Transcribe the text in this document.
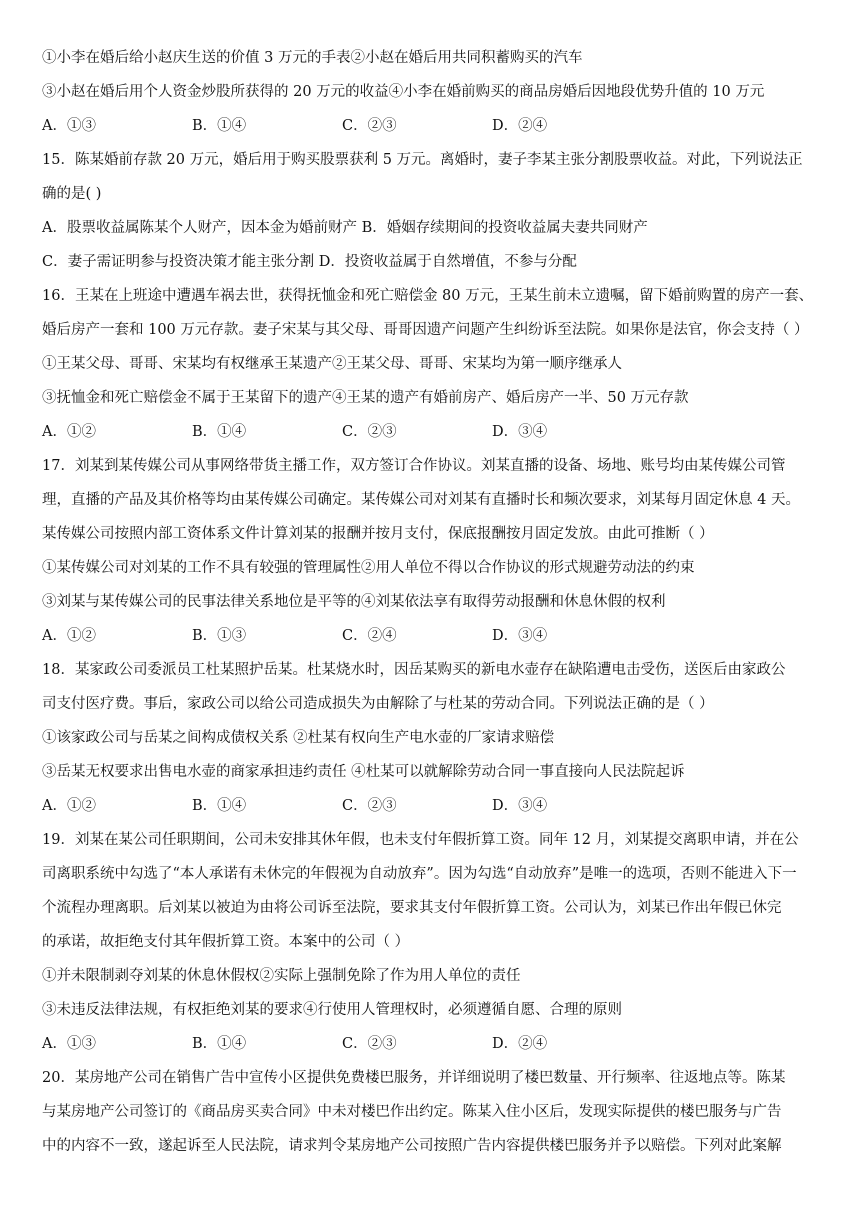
①小李在婚后给小赵庆生送的价值 3 万元的手表②小赵在婚后用共同积蓄购买的汽车
③小赵在婚后用个人资金炒股所获得的 20 万元的收益④小李在婚前购买的商品房婚后因地段优势升值的 10 万元
A．①③	B．①④	C．②③	D．②④
15．陈某婚前存款 20 万元，婚后用于购买股票获利 5 万元。离婚时，妻子李某主张分割股票收益。对此，下列说法正
确的是( )
A．股票收益属陈某个人财产，因本金为婚前财产 B．婚姻存续期间的投资收益属夫妻共同财产
C．妻子需证明参与投资决策才能主张分割 D．投资收益属于自然增值，不参与分配
16．王某在上班途中遭遇车祸去世，获得抚恤金和死亡赔偿金 80 万元，王某生前未立遗嘱，留下婚前购置的房产一套、
婚后房产一套和 100 万元存款。妻子宋某与其父母、哥哥因遗产问题产生纠纷诉至法院。如果你是法官，你会支持（ ）
①王某父母、哥哥、宋某均有权继承王某遗产②王某父母、哥哥、宋某均为第一顺序继承人
③抚恤金和死亡赔偿金不属于王某留下的遗产④王某的遗产有婚前房产、婚后房产一半、50 万元存款
A．①②	B．①④	C．②③	D．③④
17．刘某到某传媒公司从事网络带货主播工作，双方签订合作协议。刘某直播的设备、场地、账号均由某传媒公司管
理，直播的产品及其价格等均由某传媒公司确定。某传媒公司对刘某有直播时长和频次要求，刘某每月固定休息 4 天。
某传媒公司按照内部工资体系文件计算刘某的报酬并按月支付，保底报酬按月固定发放。由此可推断（ ）
①某传媒公司对刘某的工作不具有较强的管理属性②用人单位不得以合作协议的形式规避劳动法的约束
③刘某与某传媒公司的民事法律关系地位是平等的④刘某依法享有取得劳动报酬和休息休假的权利
A．①②	B．①③	C．②④	D．③④
18．某家政公司委派员工杜某照护岳某。杜某烧水时，因岳某购买的新电水壶存在缺陷遭电击受伤，送医后由家政公
司支付医疗费。事后，家政公司以给公司造成损失为由解除了与杜某的劳动合同。下列说法正确的是（ ）
①该家政公司与岳某之间构成债权关系 ②杜某有权向生产电水壶的厂家请求赔偿
③岳某无权要求出售电水壶的商家承担违约责任 ④杜某可以就解除劳动合同一事直接向人民法院起诉
A．①②	B．①④	C．②③	D．③④
19．刘某在某公司任职期间，公司未安排其休年假，也未支付年假折算工资。同年 12 月，刘某提交离职申请，并在公
司离职系统中勾选了“本人承诺有未休完的年假视为自动放弃”。因为勾选“自动放弃”是唯一的选项，否则不能进入下一
个流程办理离职。后刘某以被迫为由将公司诉至法院，要求其支付年假折算工资。公司认为，刘某已作出年假已休完
的承诺，故拒绝支付其年假折算工资。本案中的公司（ ）
①并未限制剥夺刘某的休息休假权②实际上强制免除了作为用人单位的责任
③未违反法律法规，有权拒绝刘某的要求④行使用人管理权时，必须遵循自愿、合理的原则
A．①③	B．①④	C．②③	D．②④
20．某房地产公司在销售广告中宣传小区提供免费楼巴服务，并详细说明了楼巴数量、开行频率、往返地点等。陈某
与某房地产公司签订的《商品房买卖合同》中未对楼巴作出约定。陈某入住小区后，发现实际提供的楼巴服务与广告
中的内容不一致，遂起诉至人民法院，请求判令某房地产公司按照广告内容提供楼巴服务并予以赔偿。下列对此案解
